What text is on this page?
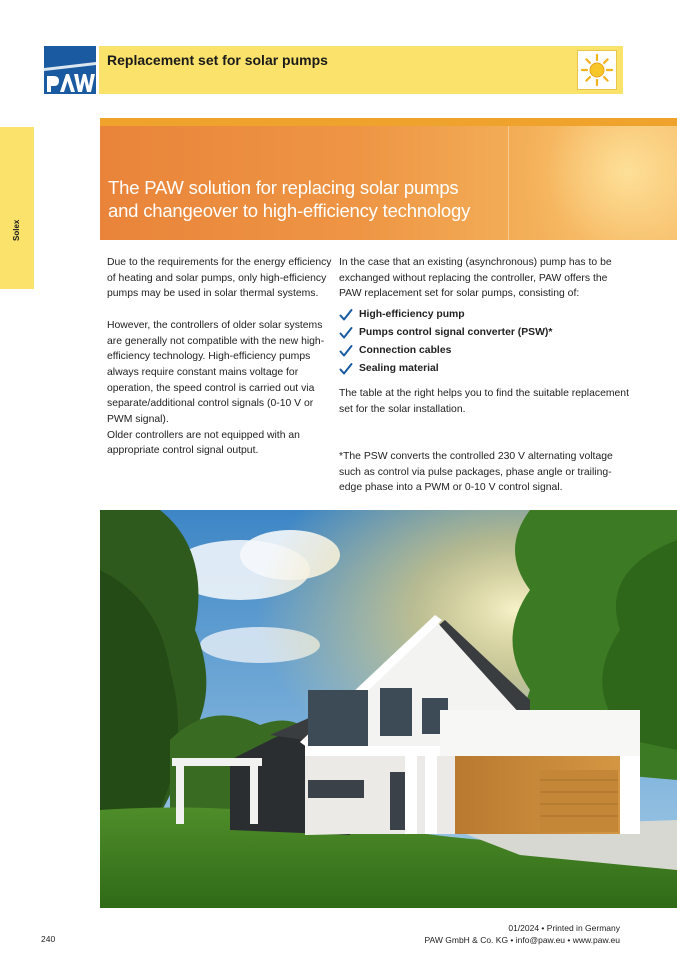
Replacement set for solar pumps
Solex
The PAW solution for replacing solar pumps
and changeover to high-efficiency technology

Due to the requirements for the energy efficiency of heating and solar pumps, only high-efficiency pumps may be used in solar thermal systems.

However, the controllers of older solar systems are generally not compatible with the new high-efficiency technology. High-efficiency pumps always require constant mains voltage for operation, the speed control is carried out via separate/additional control signals (0-10 V or PWM signal).

Older controllers are not equipped with an appropriate control signal output.

In the case that an existing (asynchronous) pump has to be exchanged without replacing the controller, PAW offers the PAW replacement set for solar pumps, consisting of:

High-efficiency pump
Pumps control signal converter (PSW)*
Connection cables
Sealing material

The table at the right helps you to find the suitable replacement set for the solar installation.

*The PSW converts the controlled 230 V alternating voltage such as control via pulse packages, phase angle or trailing-edge phase into a PWM or 0-10 V control signal.

240
01/2024 • Printed in Germany
PAW GmbH & Co. KG • info@paw.eu • www.paw.eu
